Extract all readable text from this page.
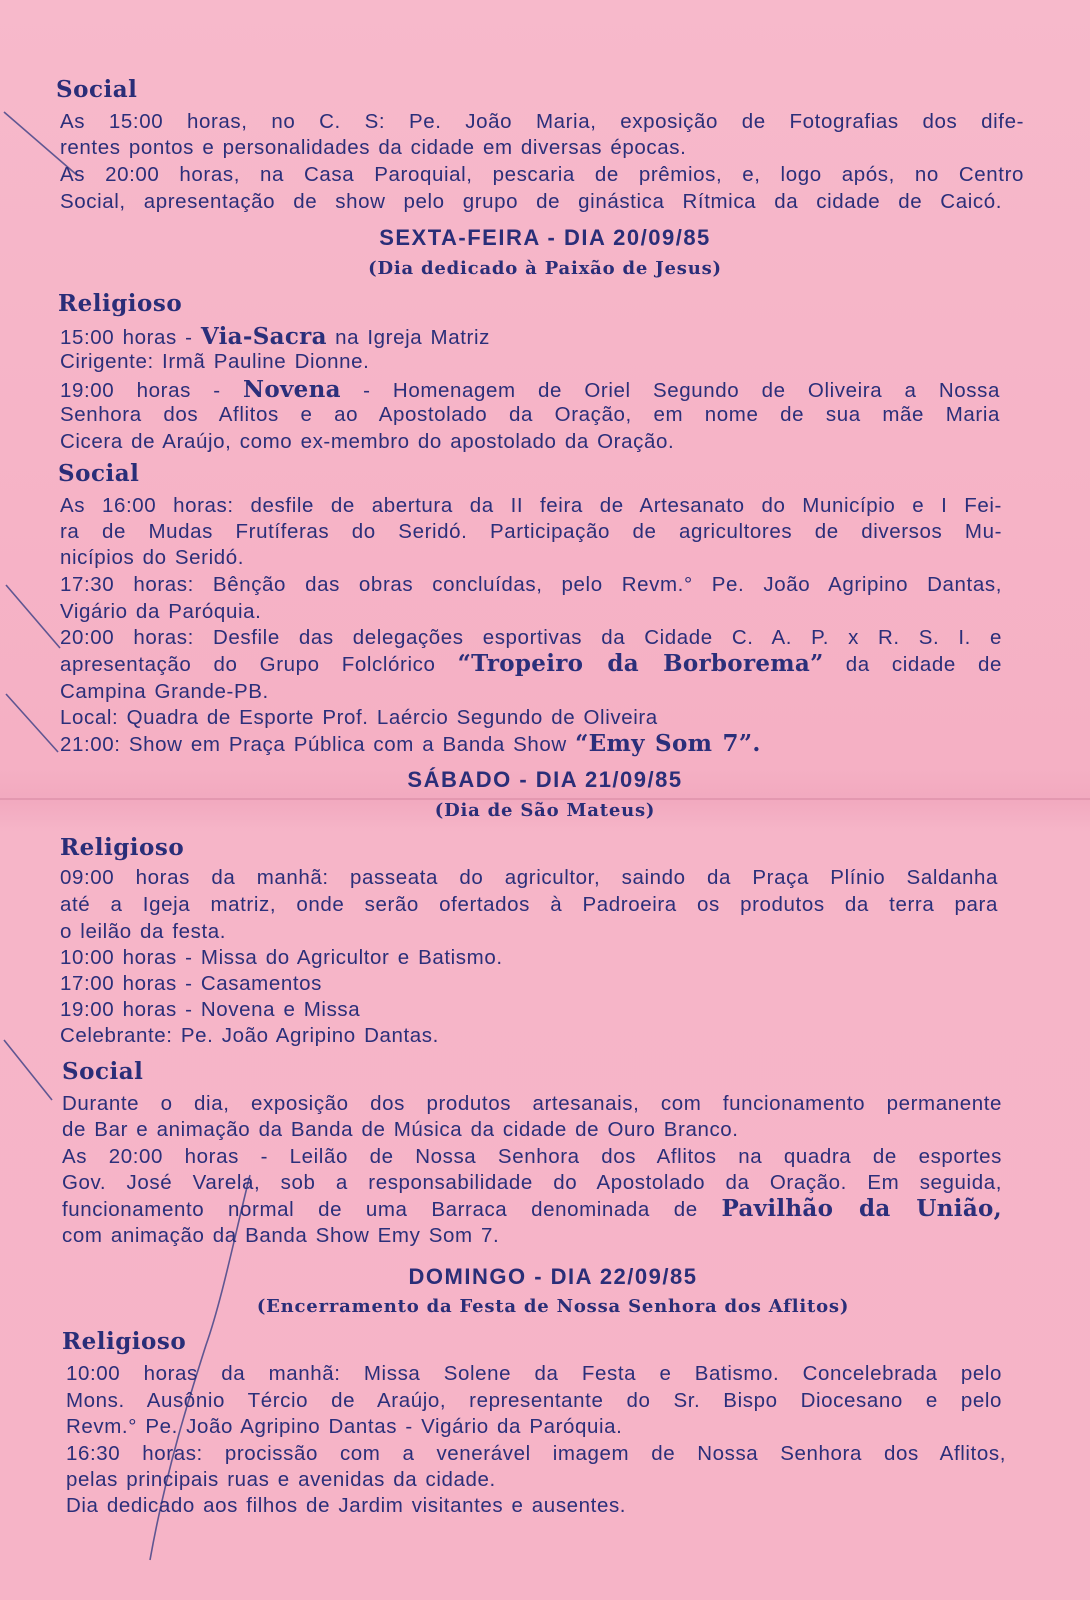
Social
As 15:00 horas, no C. S: Pe. João Maria, exposição de Fotografias dos dife-
rentes pontos e personalidades da cidade em diversas épocas.
As 20:00 horas, na Casa Paroquial, pescaria de prêmios, e, logo após, no Centro
Social, apresentação de show pelo grupo de ginástica Rítmica da cidade de Caicó.
SEXTA-FEIRA - DIA 20/09/85
(Dia dedicado à Paixão de Jesus)
Religioso
15:00 horas - Via-Sacra na Igreja Matriz
Cirigente: Irmã Pauline Dionne.
19:00 horas - Novena - Homenagem de Oriel Segundo de Oliveira a Nossa
Senhora dos Aflitos e ao Apostolado da Oração, em nome de sua mãe Maria
Cicera de Araújo, como ex-membro do apostolado da Oração.
Social
As 16:00 horas: desfile de abertura da II feira de Artesanato do Município e I Fei-
ra de Mudas Frutíferas do Seridó. Participação de agricultores de diversos Mu-
nicípios do Seridó.
17:30 horas: Bênção das obras concluídas, pelo Revm.° Pe. João Agripino Dantas,
Vigário da Paróquia.
20:00 horas: Desfile das delegações esportivas da Cidade C. A. P. x R. S. I. e
apresentação do Grupo Folclórico “Tropeiro da Borborema” da cidade de
Campina Grande-PB.
Local: Quadra de Esporte Prof. Laércio Segundo de Oliveira
21:00: Show em Praça Pública com a Banda Show “Emy Som 7”.
SÁBADO - DIA 21/09/85
(Dia de São Mateus)
Religioso
09:00 horas da manhã: passeata do agricultor, saindo da Praça Plínio Saldanha
até a Igeja matriz, onde serão ofertados à Padroeira os produtos da terra para
o leilão da festa.
10:00 horas - Missa do Agricultor e Batismo.
17:00 horas - Casamentos
19:00 horas - Novena e Missa
Celebrante: Pe. João Agripino Dantas.
Social
Durante o dia, exposição dos produtos artesanais, com funcionamento permanente
de Bar e animação da Banda de Música da cidade de Ouro Branco.
As 20:00 horas - Leilão de Nossa Senhora dos Aflitos na quadra de esportes
Gov. José Varela, sob a responsabilidade do Apostolado da Oração. Em seguida,
funcionamento normal de uma Barraca denominada de Pavilhão da União,
com animação da Banda Show Emy Som 7.
DOMINGO - DIA 22/09/85
(Encerramento da Festa de Nossa Senhora dos Aflitos)
Religioso
10:00 horas da manhã: Missa Solene da Festa e Batismo. Concelebrada pelo
Mons. Ausônio Tércio de Araújo, representante do Sr. Bispo Diocesano e pelo
Revm.° Pe. João Agripino Dantas - Vigário da Paróquia.
16:30 horas: procissão com a venerável imagem de Nossa Senhora dos Aflitos,
pelas principais ruas e avenidas da cidade.
Dia dedicado aos filhos de Jardim visitantes e ausentes.
